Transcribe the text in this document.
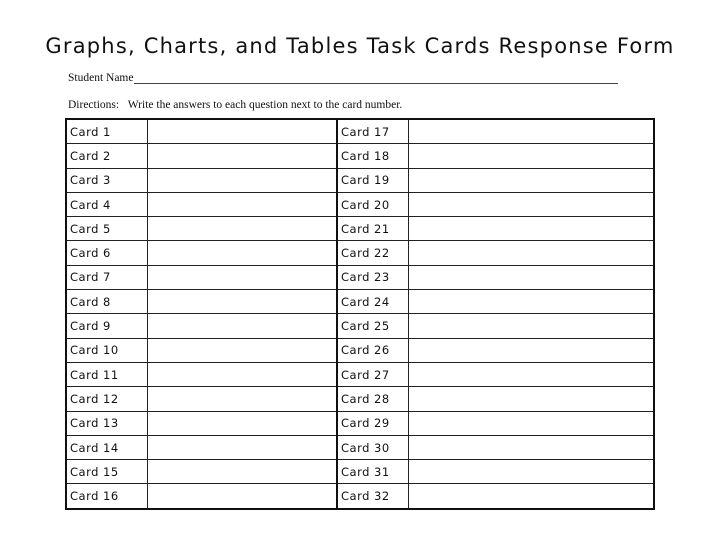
Graphs, Charts, and Tables Task Cards Response Form
Student Name
Directions: Write the answers to each question next to the card number.
Card 1		Card 17	
Card 2		Card 18	
Card 3		Card 19	
Card 4		Card 20	
Card 5		Card 21	
Card 6		Card 22	
Card 7		Card 23	
Card 8		Card 24	
Card 9		Card 25	
Card 10		Card 26	
Card 11		Card 27	
Card 12		Card 28	
Card 13		Card 29	
Card 14		Card 30	
Card 15		Card 31	
Card 16		Card 32	
